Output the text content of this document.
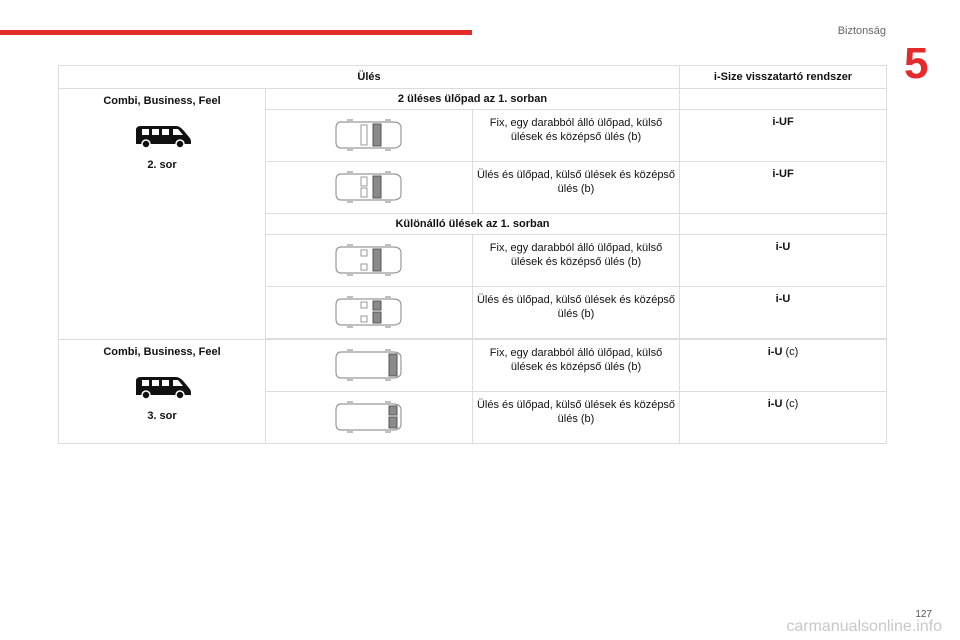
Biztonság
5
Ülés			i-Size visszatartó rendszer

Combi, Business, Feel
2. sor	2 üléses ülőpad az 1. sorban		

	Fix, egy darabból álló ülőpad, külső ülések és középső ülés (b)	i-UF

	Ülés és ülőpad, külső ülések és középső ülés (b)	i-UF
	Különálló ülések az 1. sorban		

	Fix, egy darabból álló ülőpad, külső ülések és középső ülés (b)	i-U

	Ülés és ülőpad, külső ülések és középső ülés (b)	i-U

Combi, Business, Feel
3. sor		Fix, egy darabból álló ülőpad, külső ülések és középső ülés (b)	i-U (c)

	Ülés és ülőpad, külső ülések és középső ülés (b)	i-U (c)
127
carmanualsonline.info
